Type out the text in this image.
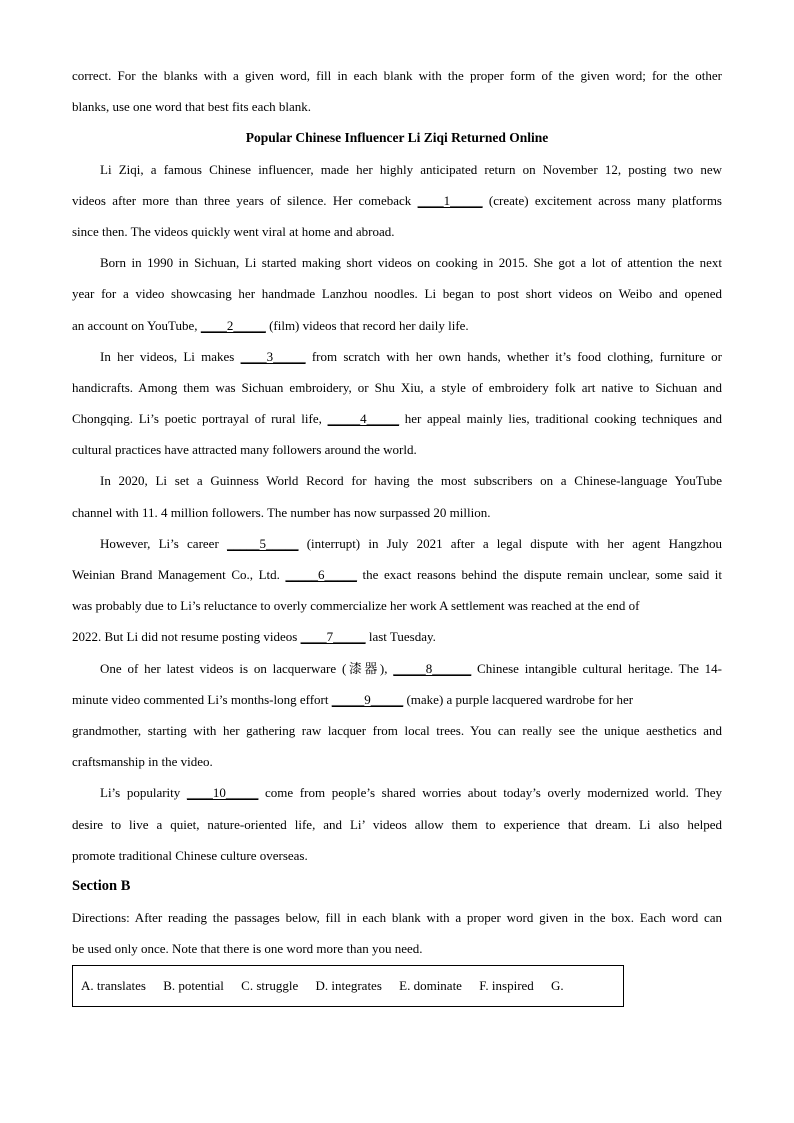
correct. For the blanks with a given word, fill in each blank with the proper form of the given word; for the other
blanks, use one word that best fits each blank.
Popular Chinese Influencer Li Ziqi Returned Online
Li Ziqi, a famous Chinese influencer, made her highly anticipated return on November 12, posting two new
videos after more than three years of silence. Her comeback ____1_____ (create) excitement across many platforms
since then. The videos quickly went viral at home and abroad.
Born in 1990 in Sichuan, Li started making short videos on cooking in 2015. She got a lot of attention the next
year for a video showcasing her handmade Lanzhou noodles. Li began to post short videos on Weibo and opened
an account on YouTube, ____2_____ (film) videos that record her daily life.
In her videos, Li makes ____3_____ from scratch with her own hands, whether it’s food clothing, furniture or
handicrafts. Among them was Sichuan embroidery, or Shu Xiu, a style of embroidery folk art native to Sichuan and
Chongqing. Li’s poetic portrayal of rural life, _____4_____ her appeal mainly lies, traditional cooking techniques and
cultural practices have attracted many followers around the world.
In 2020, Li set a Guinness World Record for having the most subscribers on a Chinese-language YouTube
channel with 11. 4 million followers. The number has now surpassed 20 million.
However, Li’s career _____5_____ (interrupt) in July 2021 after a legal dispute with her agent Hangzhou
Weinian Brand Management Co., Ltd. _____6_____ the exact reasons behind the dispute remain unclear, some said it
was probably due to Li’s reluctance to overly commercialize her work A settlement was reached at the end of
2022. But Li did not resume posting videos ____7_____ last Tuesday.
One of her latest videos is on lacquerware (漆器), _____8______ Chinese intangible cultural heritage. The 14-
minute video commented Li’s months-long effort _____9_____ (make) a purple lacquered wardrobe for her
grandmother, starting with her gathering raw lacquer from local trees. You can really see the unique aesthetics and
craftsmanship in the video.
Li’s popularity ____10_____ come from people’s shared worries about today’s overly modernized world. They
desire to live a quiet, nature-oriented life, and Li’ videos allow them to experience that dream. Li also helped
promote traditional Chinese culture overseas.
Section B
Directions: After reading the passages below, fill in each blank with a proper word given in the box. Each word can
be used only once. Note that there is one word more than you need.
A. translates B. potential C. struggle D. integrates E. dominate F. inspired G.
